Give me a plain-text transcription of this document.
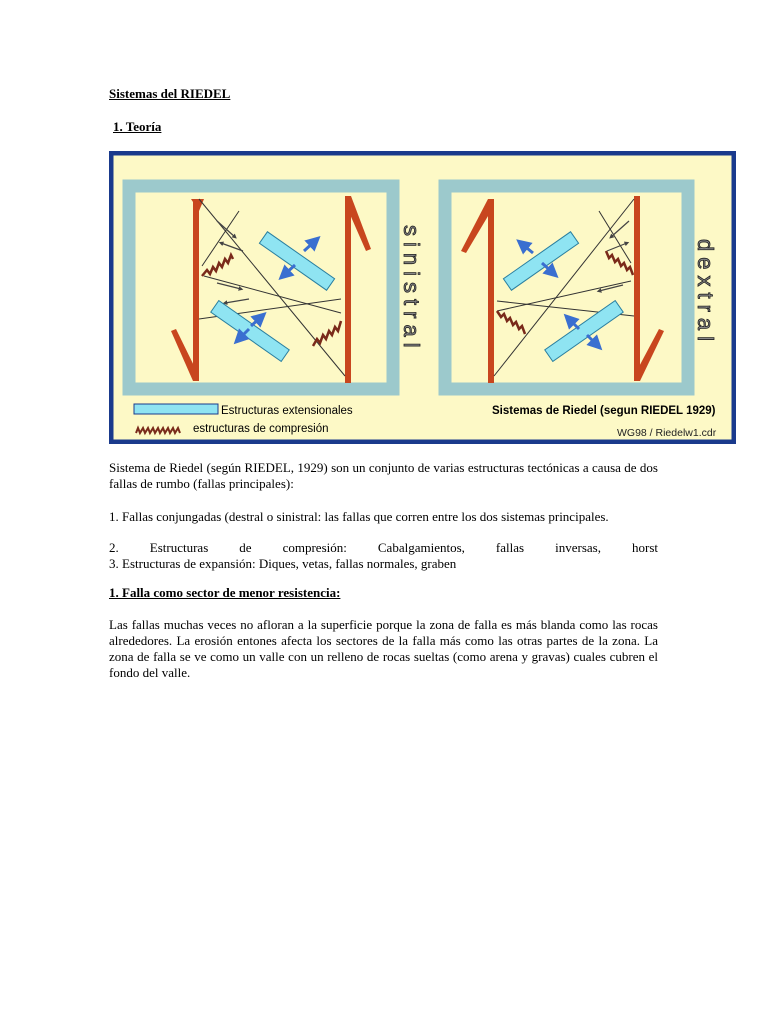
Sistemas del RIEDEL
1. Teoría

Sistema de Riedel (según RIEDEL, 1929) son un conjunto de varias estructuras tectónicas a causa de dos fallas de rumbo (fallas principales):

1. Fallas conjungadas (destral o sinistral: las fallas que corren entre los dos sistemas principales.

2. Estructuras de compresión: Cabalgamientos, fallas inversas, horst

3. Estructuras de expansión: Diques, vetas, fallas normales, graben

1. Falla como sector de menor resistencia:

Las fallas muchas veces no afloran a la superficie porque la zona de falla es más blanda como las rocas alrededores. La erosión entones afecta los sectores de la falla más como las otras partes de la zona. La zona de falla se ve como un valle con un relleno de rocas sueltas (como arena y gravas) cuales cubren el fondo del valle.

sinistral	dextral
Estructuras extensionales
estructuras de compresión
Sistemas de Riedel (segun RIEDEL 1929)
WG98 / Riedelw1.cdr
